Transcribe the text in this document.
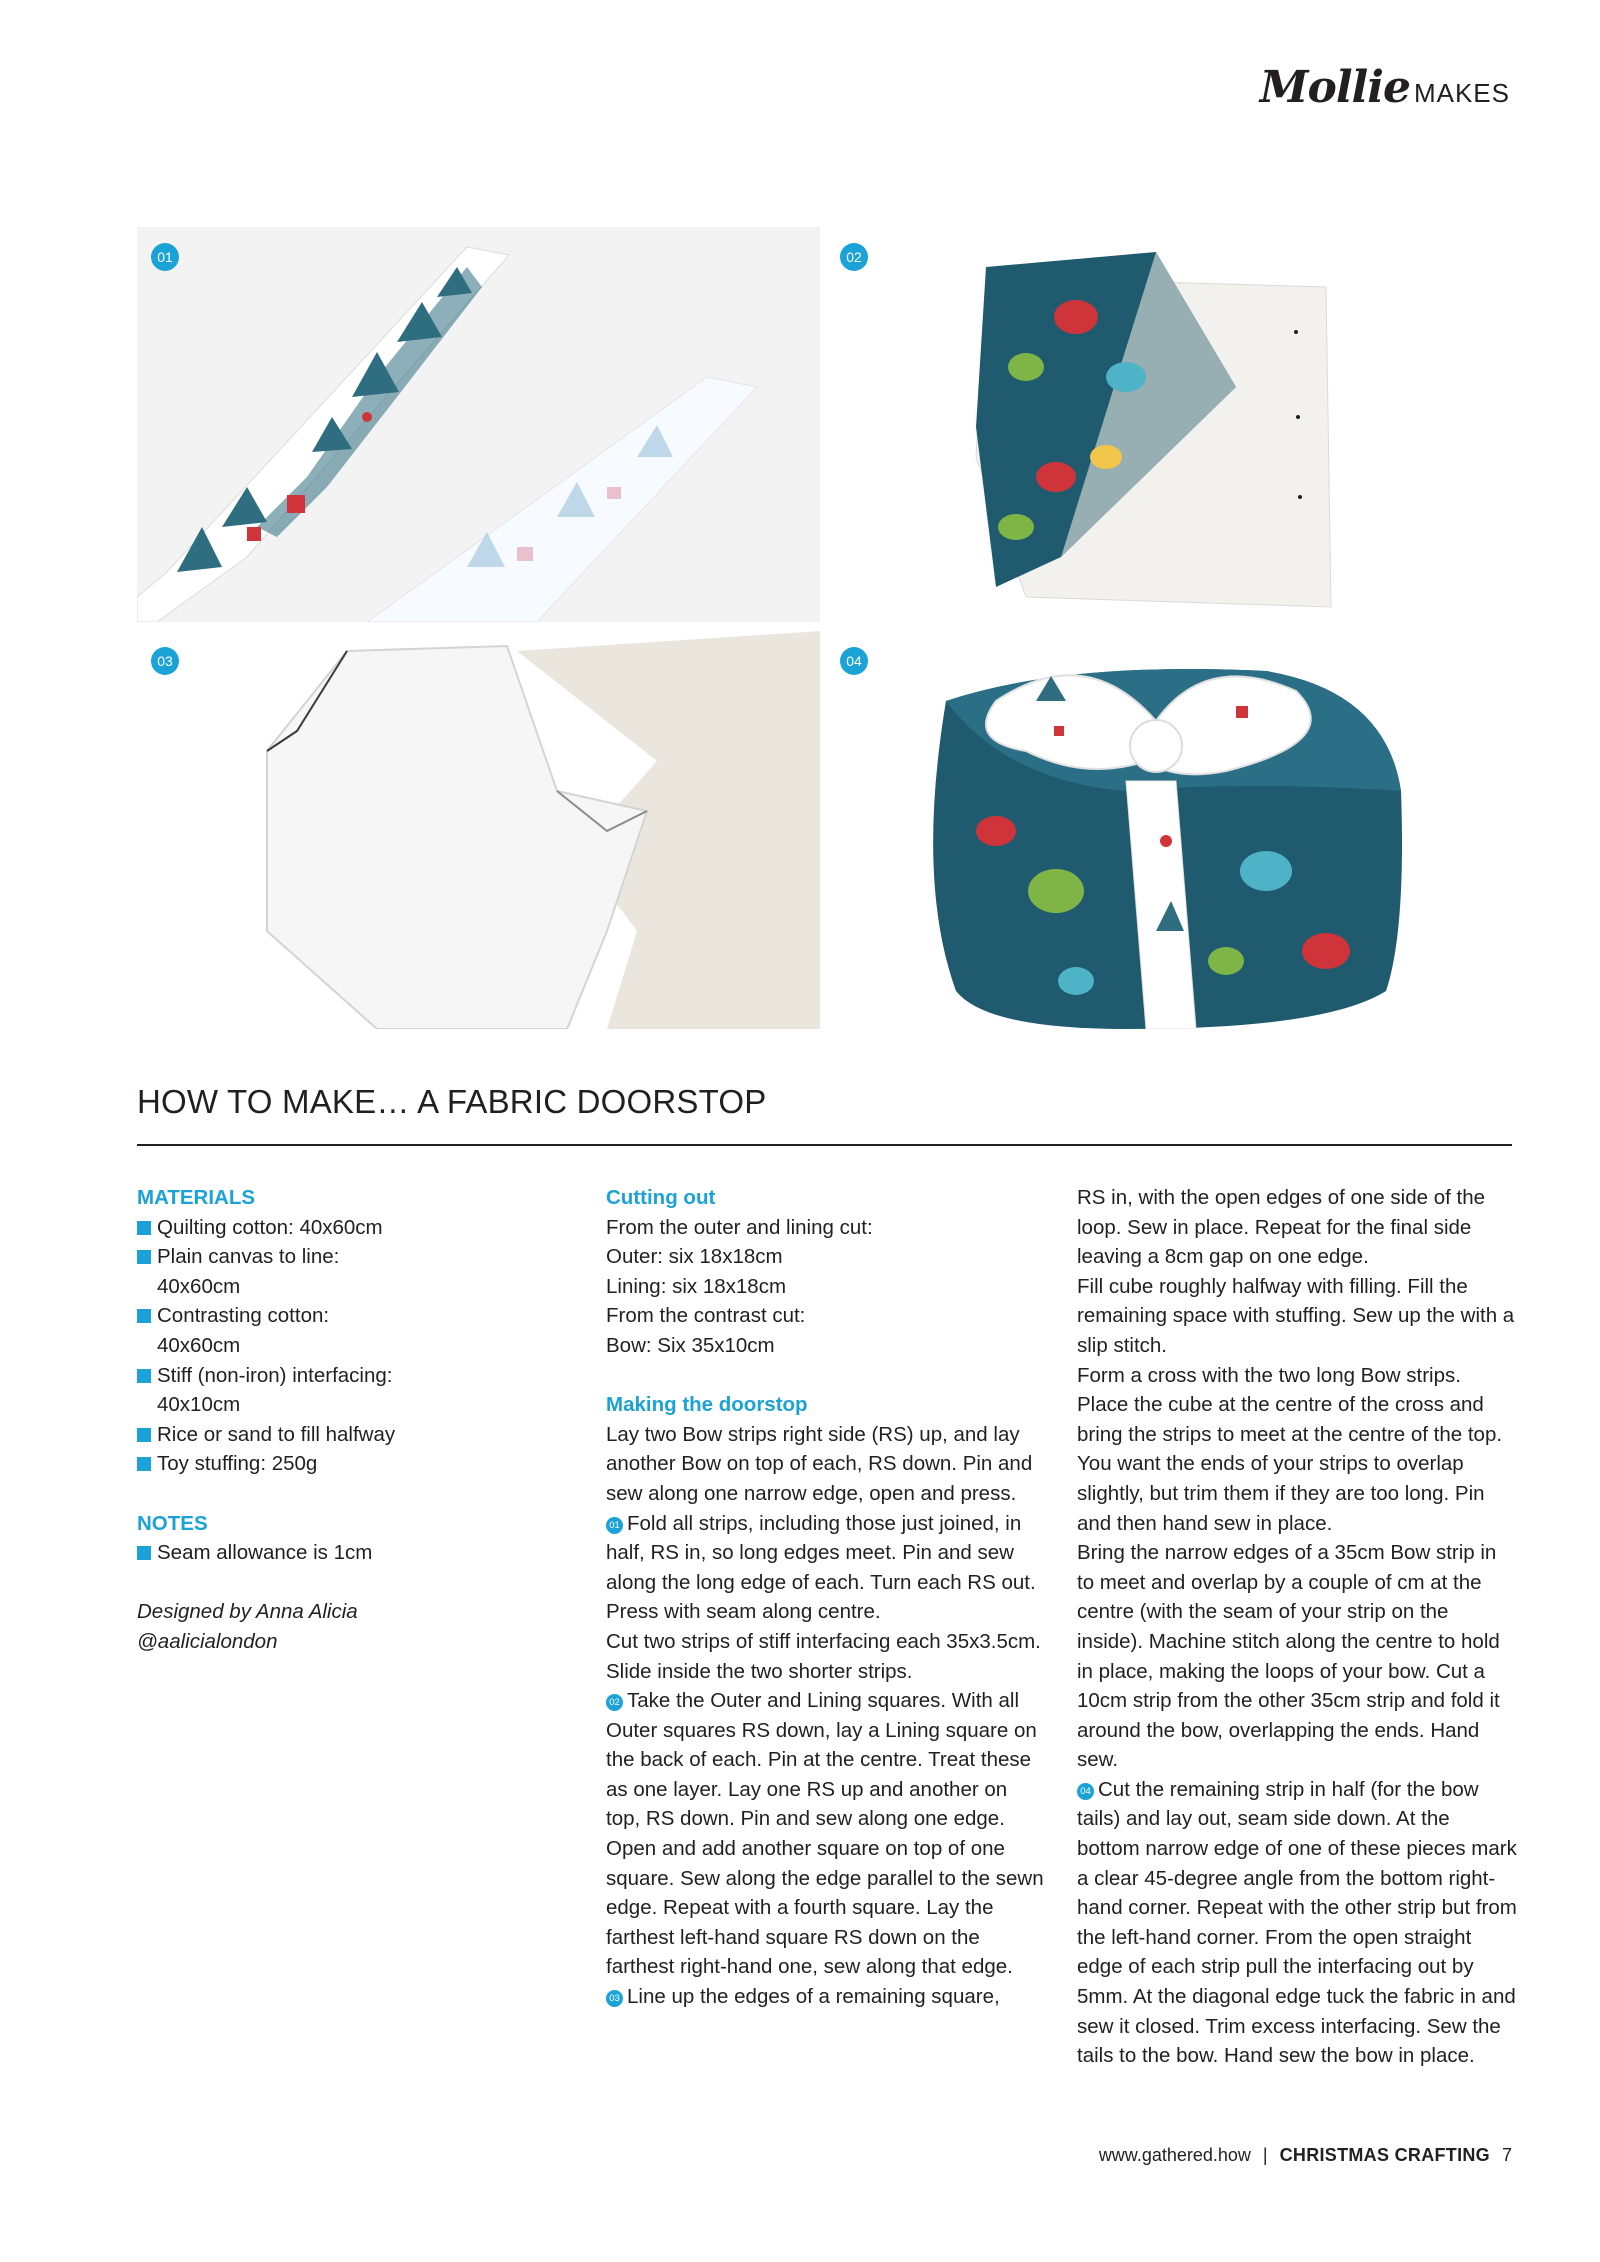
Mollie MAKES
01	02
03	04
HOW TO MAKE… A FABRIC DOORSTOP

MATERIALS

Quilting cotton: 40x60cm
Plain canvas to line:
40x60cm
Contrasting cotton:
40x60cm
Stiff (non-iron) interfacing:
40x10cm
Rice or sand to fill halfway
Toy stuffing: 250g

NOTES

Seam allowance is 1cm

Designed by Anna Alicia

@aalicialondon

Cutting out

From the outer and lining cut:

Outer: six 18x18cm

Lining: six 18x18cm

From the contrast cut:

Bow: Six 35x10cm

Making the doorstop

Lay two Bow strips right side (RS) up, and lay another Bow on top of each, RS down. Pin and sew along one narrow edge, open and press.

01 Fold all strips, including those just joined, in half, RS in, so long edges meet. Pin and sew along the long edge of each. Turn each RS out. Press with seam along centre.

Cut two strips of stiff interfacing each 35x3.5cm. Slide inside the two shorter strips.

02 Take the Outer and Lining squares. With all Outer squares RS down, lay a Lining square on the back of each. Pin at the centre. Treat these as one layer. Lay one RS up and another on top, RS down. Pin and sew along one edge.

Open and add another square on top of one square. Sew along the edge parallel to the sewn edge. Repeat with a fourth square. Lay the farthest left-hand square RS down on the farthest right-hand one, sew along that edge.

03 Line up the edges of a remaining square,

RS in, with the open edges of one side of the loop. Sew in place. Repeat for the final side leaving a 8cm gap on one edge.

Fill cube roughly halfway with filling. Fill the remaining space with stuffing. Sew up the with a slip stitch.

Form a cross with the two long Bow strips. Place the cube at the centre of the cross and bring the strips to meet at the centre of the top. You want the ends of your strips to overlap slightly, but trim them if they are too long. Pin and then hand sew in place.

Bring the narrow edges of a 35cm Bow strip in to meet and overlap by a couple of cm at the centre (with the seam of your strip on the inside). Machine stitch along the centre to hold in place, making the loops of your bow. Cut a 10cm strip from the other 35cm strip and fold it around the bow, overlapping the ends. Hand sew.

04 Cut the remaining strip in half (for the bow tails) and lay out, seam side down. At the bottom narrow edge of one of these pieces mark a clear 45-degree angle from the bottom right-hand corner. Repeat with the other strip but from the left-hand corner. From the open straight edge of each strip pull the interfacing out by 5mm. At the diagonal edge tuck the fabric in and sew it closed. Trim excess interfacing. Sew the tails to the bow. Hand sew the bow in place.

www.gathered.how | CHRISTMAS CRAFTING 7
